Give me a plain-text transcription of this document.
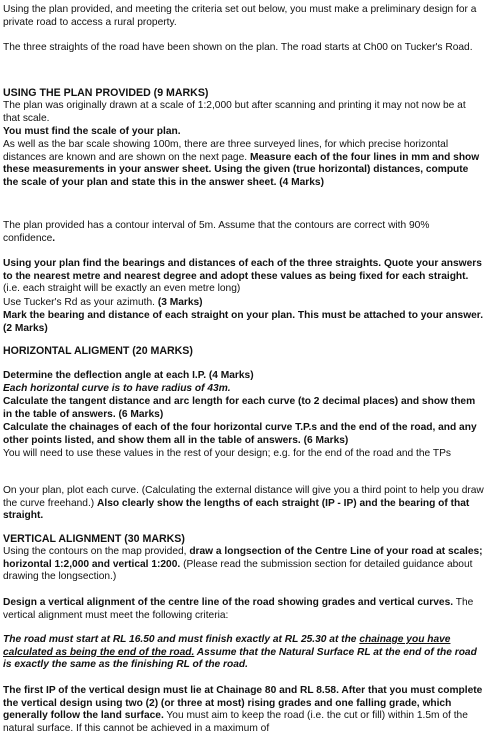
Using the plan provided, and meeting the criteria set out below, you must make a preliminary design for a private road to access a rural property.

The three straights of the road have been shown on the plan. The road starts at Ch00 on Tucker's Road.

USING THE PLAN PROVIDED (9 MARKS)

The plan was originally drawn at a scale of 1:2,000 but after scanning and printing it may not now be at that scale.

You must find the scale of your plan.

As well as the bar scale showing 100m, there are three surveyed lines, for which precise horizontal distances are known and are shown on the next page. Measure each of the four lines in mm and show these measurements in your answer sheet. Using the given (true horizontal) distances, compute the scale of your plan and state this in the answer sheet. (4 Marks)

The plan provided has a contour interval of 5m. Assume that the contours are correct with 90% confidence.

Using your plan find the bearings and distances of each of the three straights. Quote your answers to the nearest metre and nearest degree and adopt these values as being fixed for each straight. (i.e. each straight will be exactly an even metre long)

Use Tucker's Rd as your azimuth. (3 Marks)

Mark the bearing and distance of each straight on your plan. This must be attached to your answer. (2 Marks)

HORIZONTAL ALIGMENT (20 MARKS)

Determine the deflection angle at each I.P. (4 Marks)

Each horizontal curve is to have radius of 43m.

Calculate the tangent distance and arc length for each curve (to 2 decimal places) and show them in the table of answers. (6 Marks)

Calculate the chainages of each of the four horizontal curve T.P.s and the end of the road, and any other points listed, and show them all in the table of answers. (6 Marks)

You will need to use these values in the rest of your design; e.g. for the end of the road and the TPs

On your plan, plot each curve. (Calculating the external distance will give you a third point to help you draw the curve freehand.) Also clearly show the lengths of each straight (IP - IP) and the bearing of that straight.

VERTICAL ALIGNMENT (30 MARKS)

Using the contours on the map provided, draw a longsection of the Centre Line of your road at scales; horizontal 1:2,000 and vertical 1:200. (Please read the submission section for detailed guidance about drawing the longsection.)

Design a vertical alignment of the centre line of the road showing grades and vertical curves. The vertical alignment must meet the following criteria:

The road must start at RL 16.50 and must finish exactly at RL 25.30 at the chainage you have calculated as being the end of the road. Assume that the Natural Surface RL at the end of the road is exactly the same as the finishing RL of the road.

The first IP of the vertical design must lie at Chainage 80 and RL 8.58. After that you must complete the vertical design using two (2) (or three at most) rising grades and one falling grade, which generally follow the land surface. You must aim to keep the road (i.e. the cut or fill) within 1.5m of the natural surface. If this cannot be achieved in a maximum of
